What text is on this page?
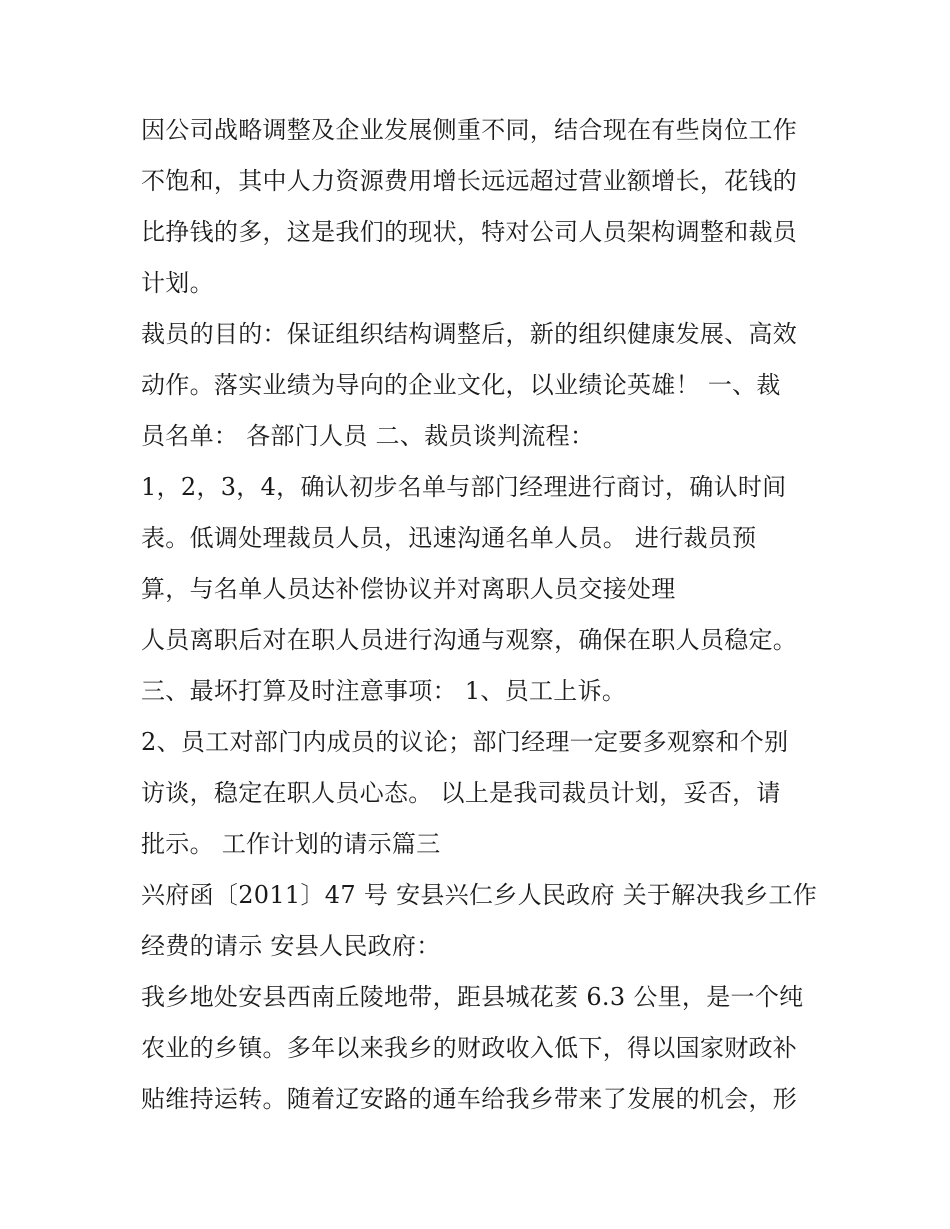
因公司战略调整及企业发展侧重不同，结合现在有些岗位工作
不饱和，其中人力资源费用增长远远超过营业额增长，花钱的
比挣钱的多，这是我们的现状，特对公司人员架构调整和裁员
计划。
裁员的目的：保证组织结构调整后，新的组织健康发展、高效
动作。落实业绩为导向的企业文化，以业绩论英雄！ 一、裁
员名单： 各部门人员 二、裁员谈判流程：
1，2，3，4，确认初步名单与部门经理进行商讨，确认时间
表。低调处理裁员人员，迅速沟通名单人员。 进行裁员预
算，与名单人员达补偿协议并对离职人员交接处理
人员离职后对在职人员进行沟通与观察，确保在职人员稳定。
三、最坏打算及时注意事项： 1、员工上诉。
2、员工对部门内成员的议论；部门经理一定要多观察和个别
访谈，稳定在职人员心态。 以上是我司裁员计划，妥否，请
批示。 工作计划的请示篇三
兴府函〔2011〕47 号 安县兴仁乡人民政府 关于解决我乡工作
经费的请示 安县人民政府：
我乡地处安县西南丘陵地带，距县城花荄 6.3 公里，是一个纯
农业的乡镇。多年以来我乡的财政收入低下，得以国家财政补
贴维持运转。随着辽安路的通车给我乡带来了发展的机会，形
